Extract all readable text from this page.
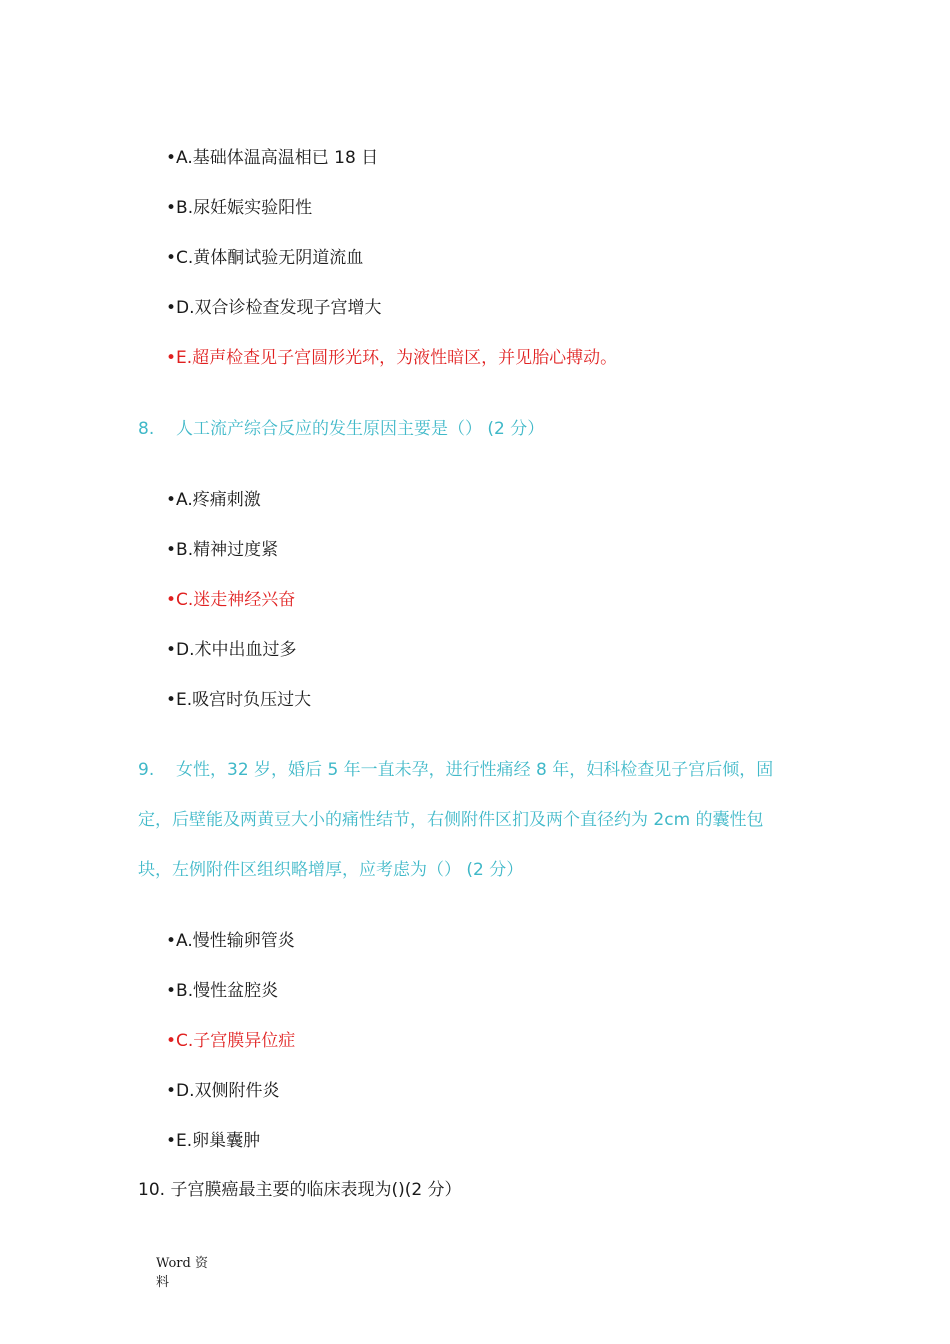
•A.基础体温高温相已 18 日
•B.尿妊娠实验阳性
•C.黄体酮试验无阴道流血
•D.双合诊检查发现子宫增大
•E.超声检查见子宫圆形光环，为液性暗区，并见胎心搏动。
8. 人工流产综合反应的发生原因主要是（） (2 分）
•A.疼痛刺激
•B.精神过度紧
•C.迷走神经兴奋
•D.术中出血过多
•E.吸宫时负压过大
9. 女性，32 岁，婚后 5 年一直未孕，进行性痛经 8 年，妇科检查见子宫后倾，固
定，后壁能及两黄豆大小的痛性结节，右侧附件区扪及两个直径约为 2cm 的囊性包
块，左例附件区组织略增厚，应考虑为（） (2 分）
•A.慢性输卵管炎
•B.慢性盆腔炎
•C.子宫膜异位症
•D.双侧附件炎
•E.卵巢囊肿
10. 子宫膜癌最主要的临床表现为()(2 分）
Word 资
料
